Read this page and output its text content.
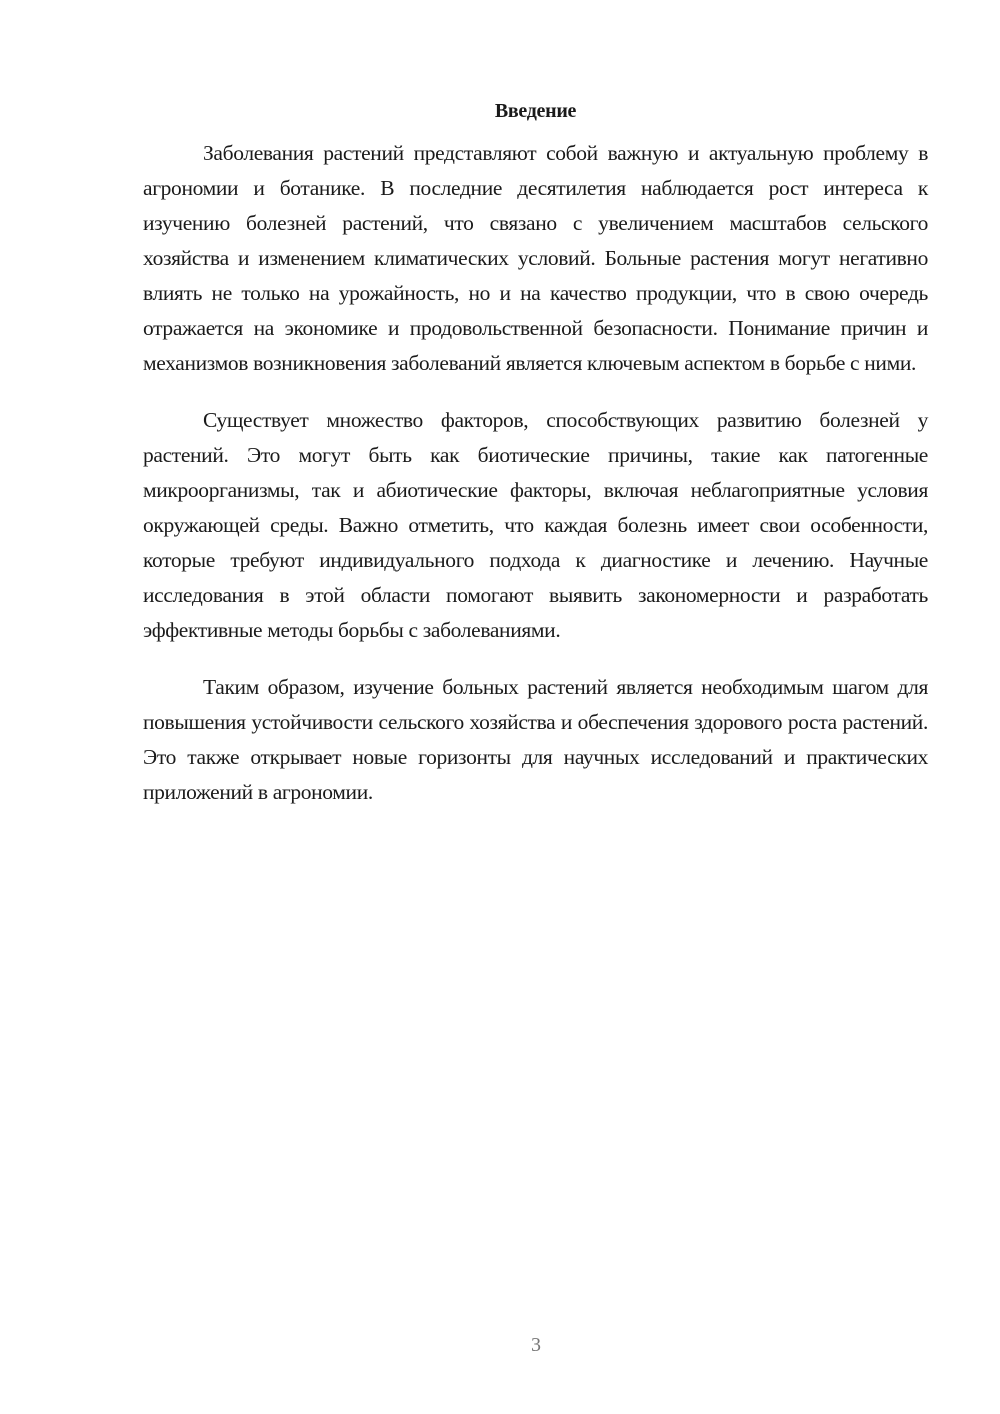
Введение

Заболевания растений представляют собой важную и актуальную проблему в агрономии и ботанике. В последние десятилетия наблюдается рост интереса к изучению болезней растений, что связано с увеличением масштабов сельского хозяйства и изменением климатических условий. Больные растения могут негативно влиять не только на урожайность, но и на качество продукции, что в свою очередь отражается на экономике и продовольственной безопасности. Понимание причин и механизмов возникновения заболеваний является ключевым аспектом в борьбе с ними.

Существует множество факторов, способствующих развитию болезней у растений. Это могут быть как биотические причины, такие как патогенные микроорганизмы, так и абиотические факторы, включая неблагоприятные условия окружающей среды. Важно отметить, что каждая болезнь имеет свои особенности, которые требуют индивидуального подхода к диагностике и лечению. Научные исследования в этой области помогают выявить закономерности и разработать эффективные методы борьбы с заболеваниями.

Таким образом, изучение больных растений является необходимым шагом для повышения устойчивости сельского хозяйства и обеспечения здорового роста растений. Это также открывает новые горизонты для научных исследований и практических приложений в агрономии.

3
